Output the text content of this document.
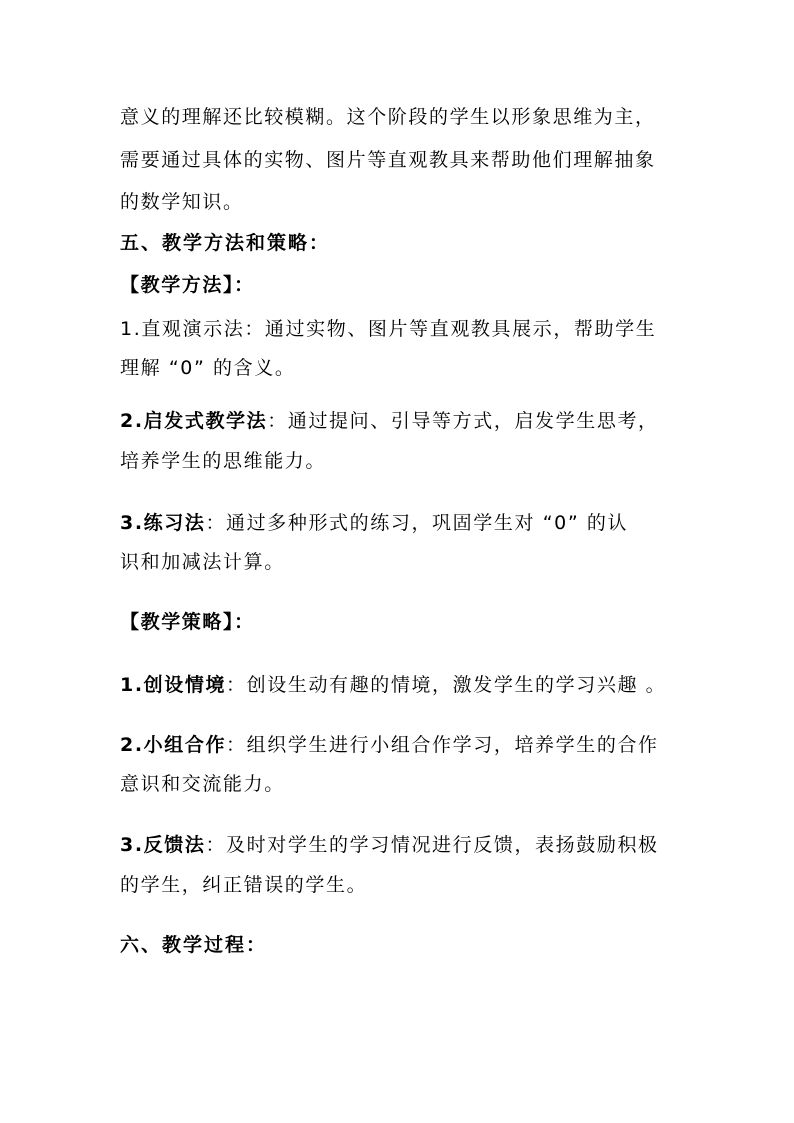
意义的理解还比较模糊。这个阶段的学生以形象思维为主，
需要通过具体的实物、图片等直观教具来帮助他们理解抽象
的数学知识。
五、教学方法和策略：
【教学方法】：
1.直观演示法：通过实物、图片等直观教具展示，帮助学生
理解 “0” 的含义。
2.启发式教学法：通过提问、引导等方式，启发学生思考，
培养学生的思维能力。
3.练习法：通过多种形式的练习，巩固学生对 “0” 的认
识和加减法计算。
【教学策略】：
1.创设情境：创设生动有趣的情境，激发学生的学习兴趣 。
2.小组合作：组织学生进行小组合作学习，培养学生的合作
意识和交流能力。
3.反馈法：及时对学生的学习情况进行反馈，表扬鼓励积极
的学生，纠正错误的学生。
六、教学过程：
